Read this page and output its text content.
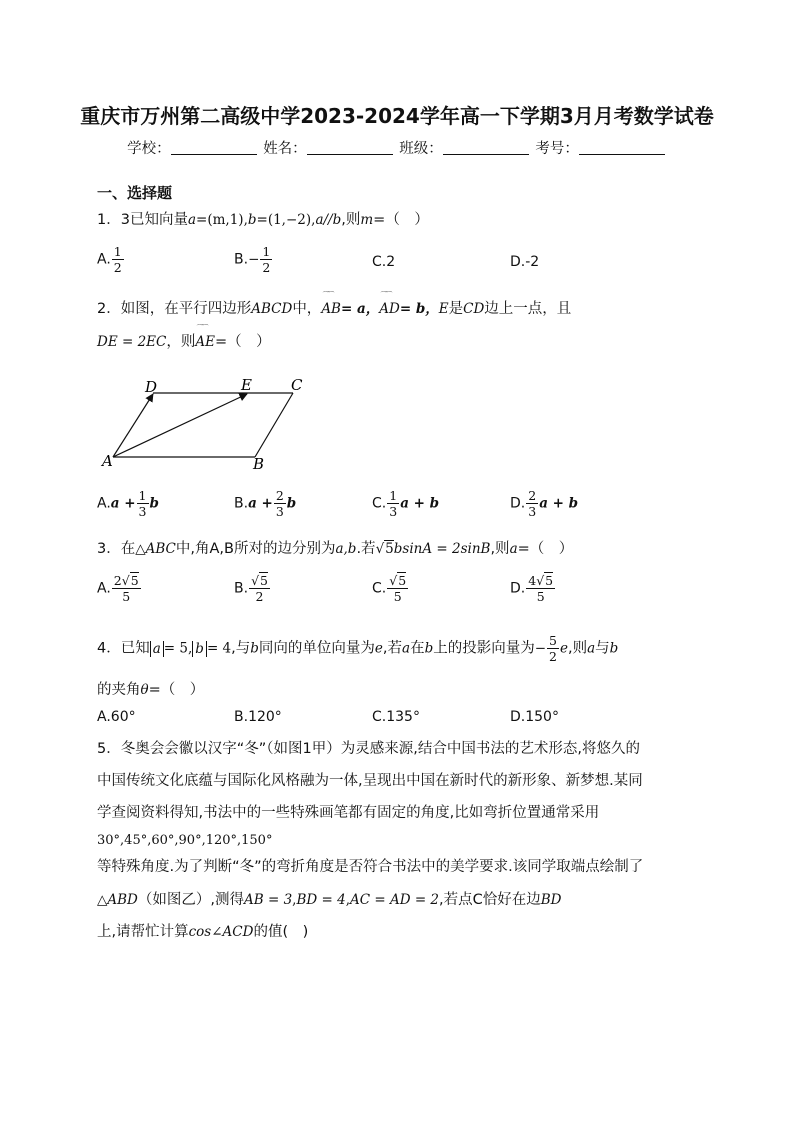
重庆市万州第二高级中学2023-2024学年高一下学期3月月考数学试卷
学校：	姓名：	班级：	考号：
一、选择题
1．3已知向量a=(m,1),b=(1,−2),a//b,则m=（　）
A. $\frac{1}{2}$	$B.- \frac{1}{2}$	C.2	D.-2
2．如图，在平行四边形ABCD中，⌒⌒ AB= a，⌒⌒ AD= b，E是CD边上一点，且
DE = 2EC，则⌒⌒ AE=（　）
A	B
C
D	E
$A.a + \frac{1}{3}$ b	$B.a + \frac{2}{3}$ b	C. $\frac{1}{3}$ a + b	D. $\frac{2}{3}$ a + b
3．在△ABC中,角A,B所对的边分别为a,b.若√5bsinA = 2sinB,则a=（　）
A. $\frac{2√5}{5}$	B. $\frac{√5}{2}$	C. $\frac{√5}{5}$	D. $\frac{4√5}{5}$
4．已知 a = 5, b = 4,与b同向的单位向量为e,若a在b上的投影向量为− $\frac{5}{2} e$,则a与b
的夹角θ=（　）
A.60°	B.120°	C.135°	D.150°
5．冬奥会会徽以汉字“冬”（如图1甲）为灵感来源,结合中国书法的艺术形态,将悠久的
中国传统文化底蕴与国际化风格融为一体,呈现出中国在新时代的新形象、新梦想.某同
学查阅资料得知,书法中的一些特殊画笔都有固定的角度,比如弯折位置通常采用
30°,45°,60°,90°,120°,150°
等特殊角度.为了判断“冬”的弯折角度是否符合书法中的美学要求.该同学取端点绘制了
△ABD（如图乙）,测得AB = 3,BD = 4,AC = AD = 2,若点C恰好在边BD
上,请帮忙计算cos∠ACD的值(　)
